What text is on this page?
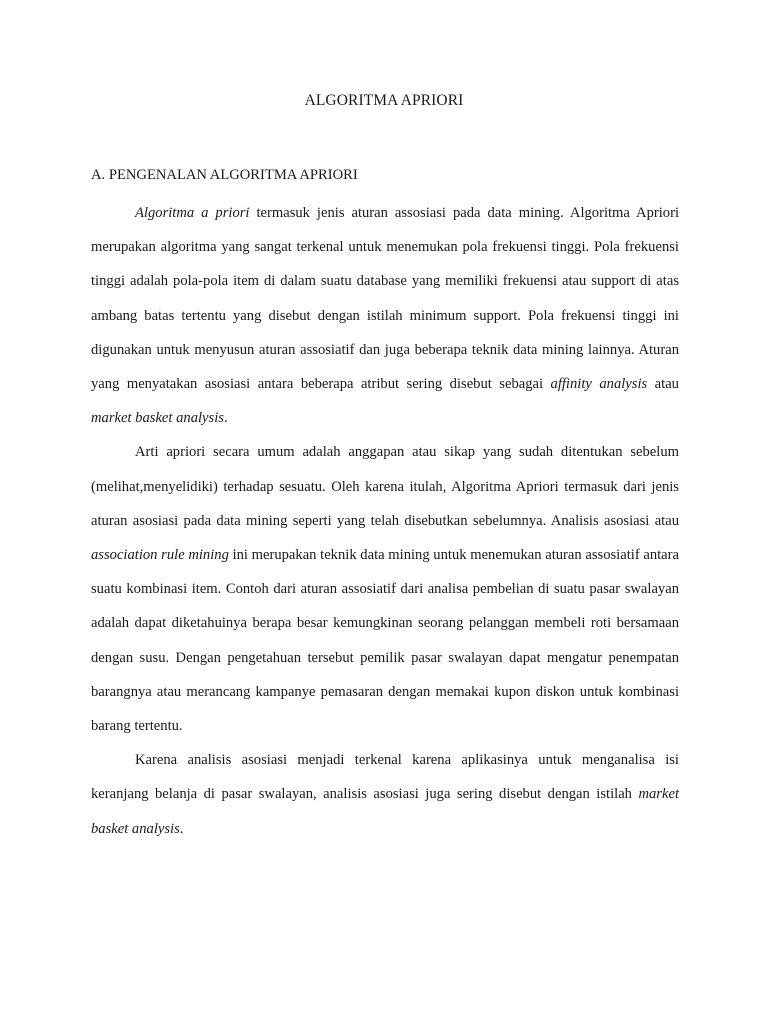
ALGORITMA APRIORI
A. PENGENALAN ALGORITMA APRIORI

Algoritma a priori termasuk jenis aturan assosiasi pada data mining. Algoritma Apriori merupakan algoritma yang sangat terkenal untuk menemukan pola frekuensi tinggi. Pola frekuensi tinggi adalah pola-pola item di dalam suatu database yang memiliki frekuensi atau support di atas ambang batas tertentu yang disebut dengan istilah minimum support. Pola frekuensi tinggi ini digunakan untuk menyusun aturan assosiatif dan juga beberapa teknik data mining lainnya. Aturan yang menyatakan asosiasi antara beberapa atribut sering disebut sebagai affinity analysis atau market basket analysis.

Arti apriori secara umum adalah anggapan atau sikap yang sudah ditentukan sebelum (melihat,menyelidiki) terhadap sesuatu. Oleh karena itulah, Algoritma Apriori termasuk dari jenis aturan asosiasi pada data mining seperti yang telah disebutkan sebelumnya. Analisis asosiasi atau association rule mining ini merupakan teknik data mining untuk menemukan aturan assosiatif antara suatu kombinasi item. Contoh dari aturan assosiatif dari analisa pembelian di suatu pasar swalayan adalah dapat diketahuinya berapa besar kemungkinan seorang pelanggan membeli roti bersamaan dengan susu. Dengan pengetahuan tersebut pemilik pasar swalayan dapat mengatur penempatan barangnya atau merancang kampanye pemasaran dengan memakai kupon diskon untuk kombinasi barang tertentu.

Karena analisis asosiasi menjadi terkenal karena aplikasinya untuk menganalisa isi keranjang belanja di pasar swalayan, analisis asosiasi juga sering disebut dengan istilah market basket analysis.
